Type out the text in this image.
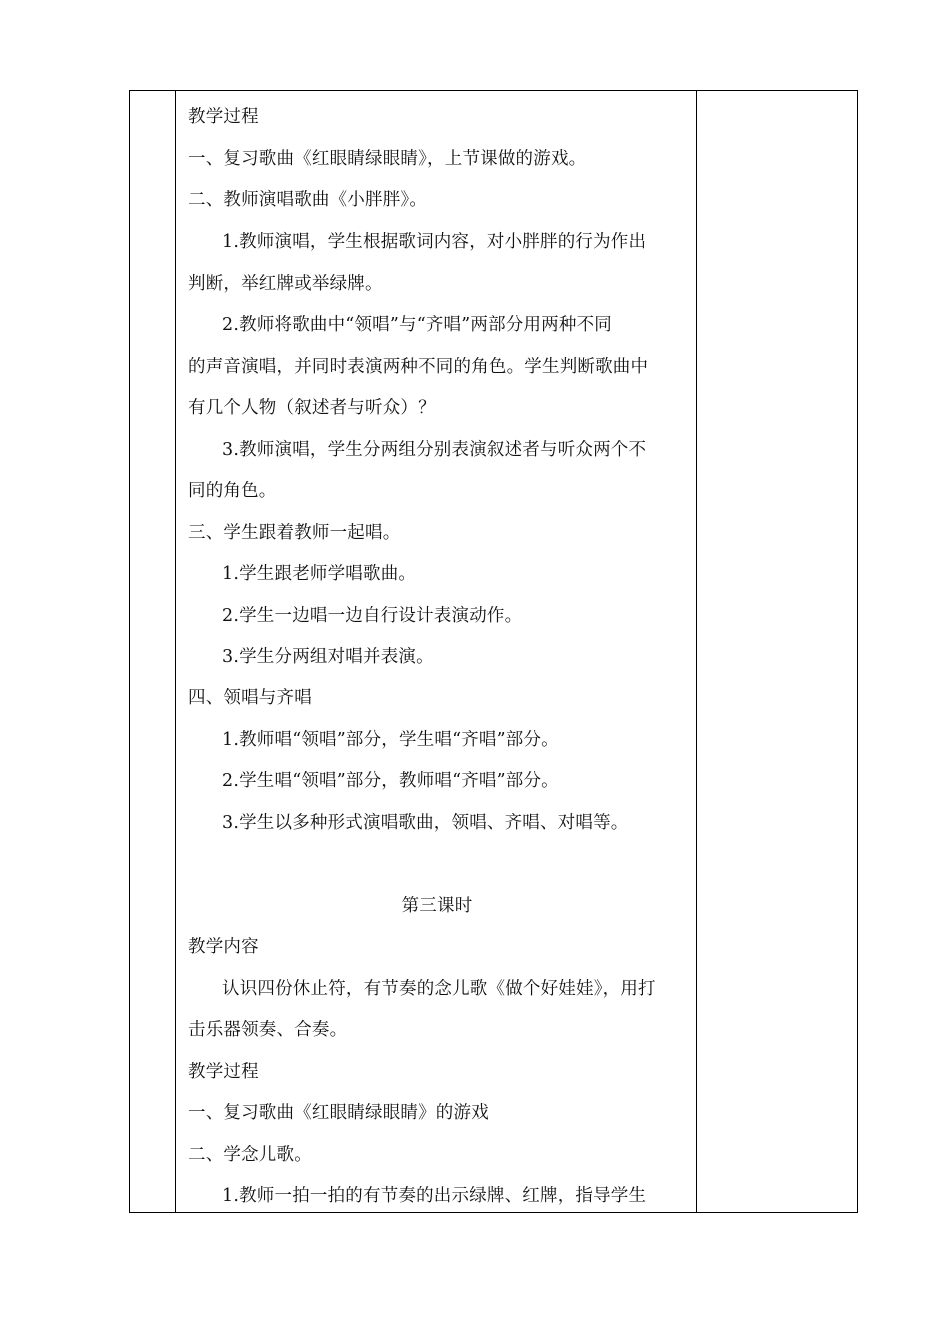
教学过程
一、复习歌曲《红眼睛绿眼睛》，上节课做的游戏。
二、教师演唱歌曲《小胖胖》。
1.教师演唱，学生根据歌词内容，对小胖胖的行为作出
判断，举红牌或举绿牌。
2.教师将歌曲中“领唱”与“齐唱”两部分用两种不同
的声音演唱，并同时表演两种不同的角色。学生判断歌曲中
有几个人物（叙述者与听众）？
3.教师演唱，学生分两组分别表演叙述者与听众两个不
同的角色。
三、学生跟着教师一起唱。
1.学生跟老师学唱歌曲。
2.学生一边唱一边自行设计表演动作。
3.学生分两组对唱并表演。
四、领唱与齐唱
1.教师唱“领唱”部分，学生唱“齐唱”部分。
2.学生唱“领唱”部分，教师唱“齐唱”部分。
3.学生以多种形式演唱歌曲，领唱、齐唱、对唱等。
第三课时
教学内容
认识四份休止符，有节奏的念儿歌《做个好娃娃》，用打
击乐器领奏、合奏。
教学过程
一、复习歌曲《红眼睛绿眼睛》的游戏
二、学念儿歌。
1.教师一拍一拍的有节奏的出示绿牌、红牌，指导学生
